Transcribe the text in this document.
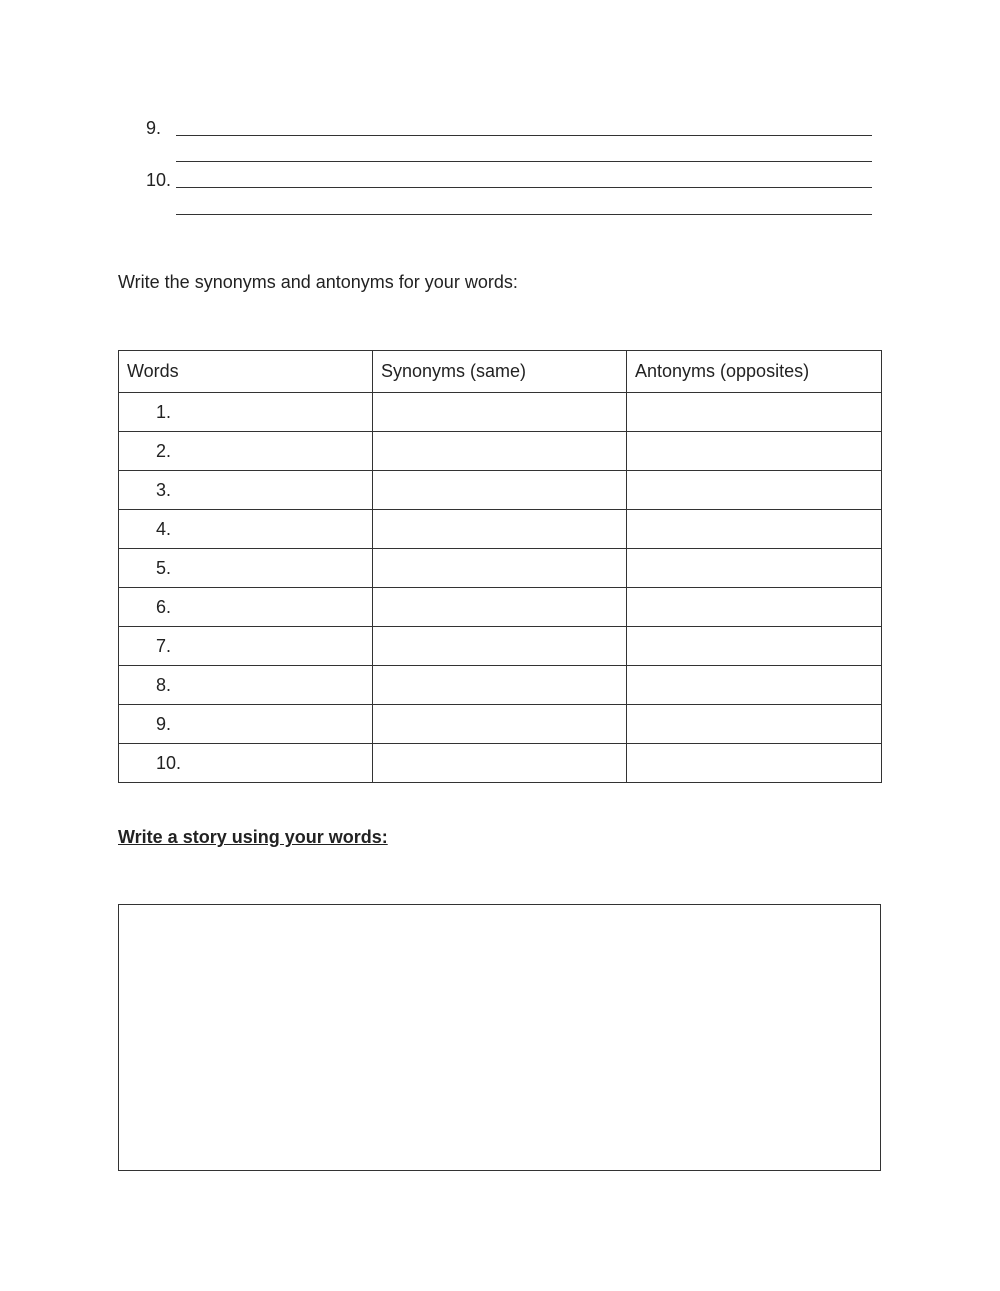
9.
10.
Write the synonyms and antonyms for your words:
Words	Synonyms (same)	Antonyms (opposites)
1.		
2.		
3.		
4.		
5.		
6.		
7.		
8.		
9.		
10.		
Write a story using your words:
